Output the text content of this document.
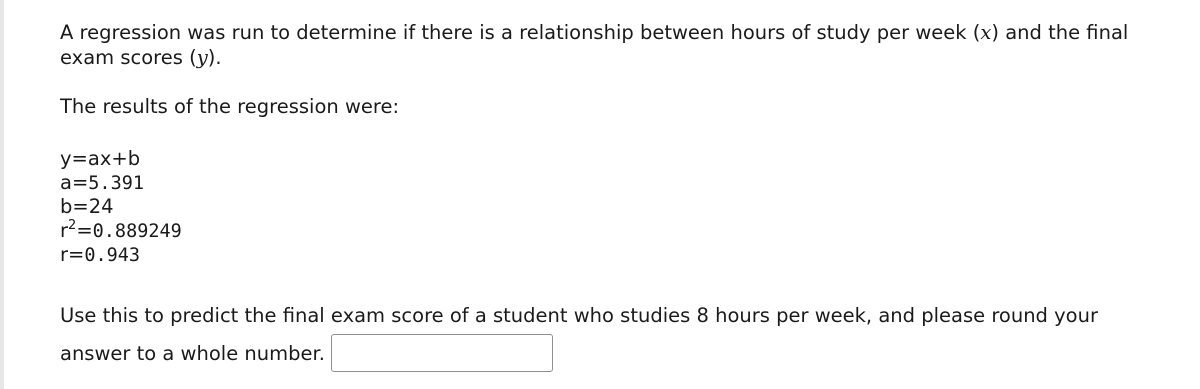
A regression was run to determine if there is a relationship between hours of study per week (x) and the final exam scores (y).

The results of the regression were:

y=ax+b
a=5.391
b=24
$r^2=0.889249$
r=0.943

Use this to predict the final exam score of a student who studies 8 hours per week, and please round your answer to a whole number.
